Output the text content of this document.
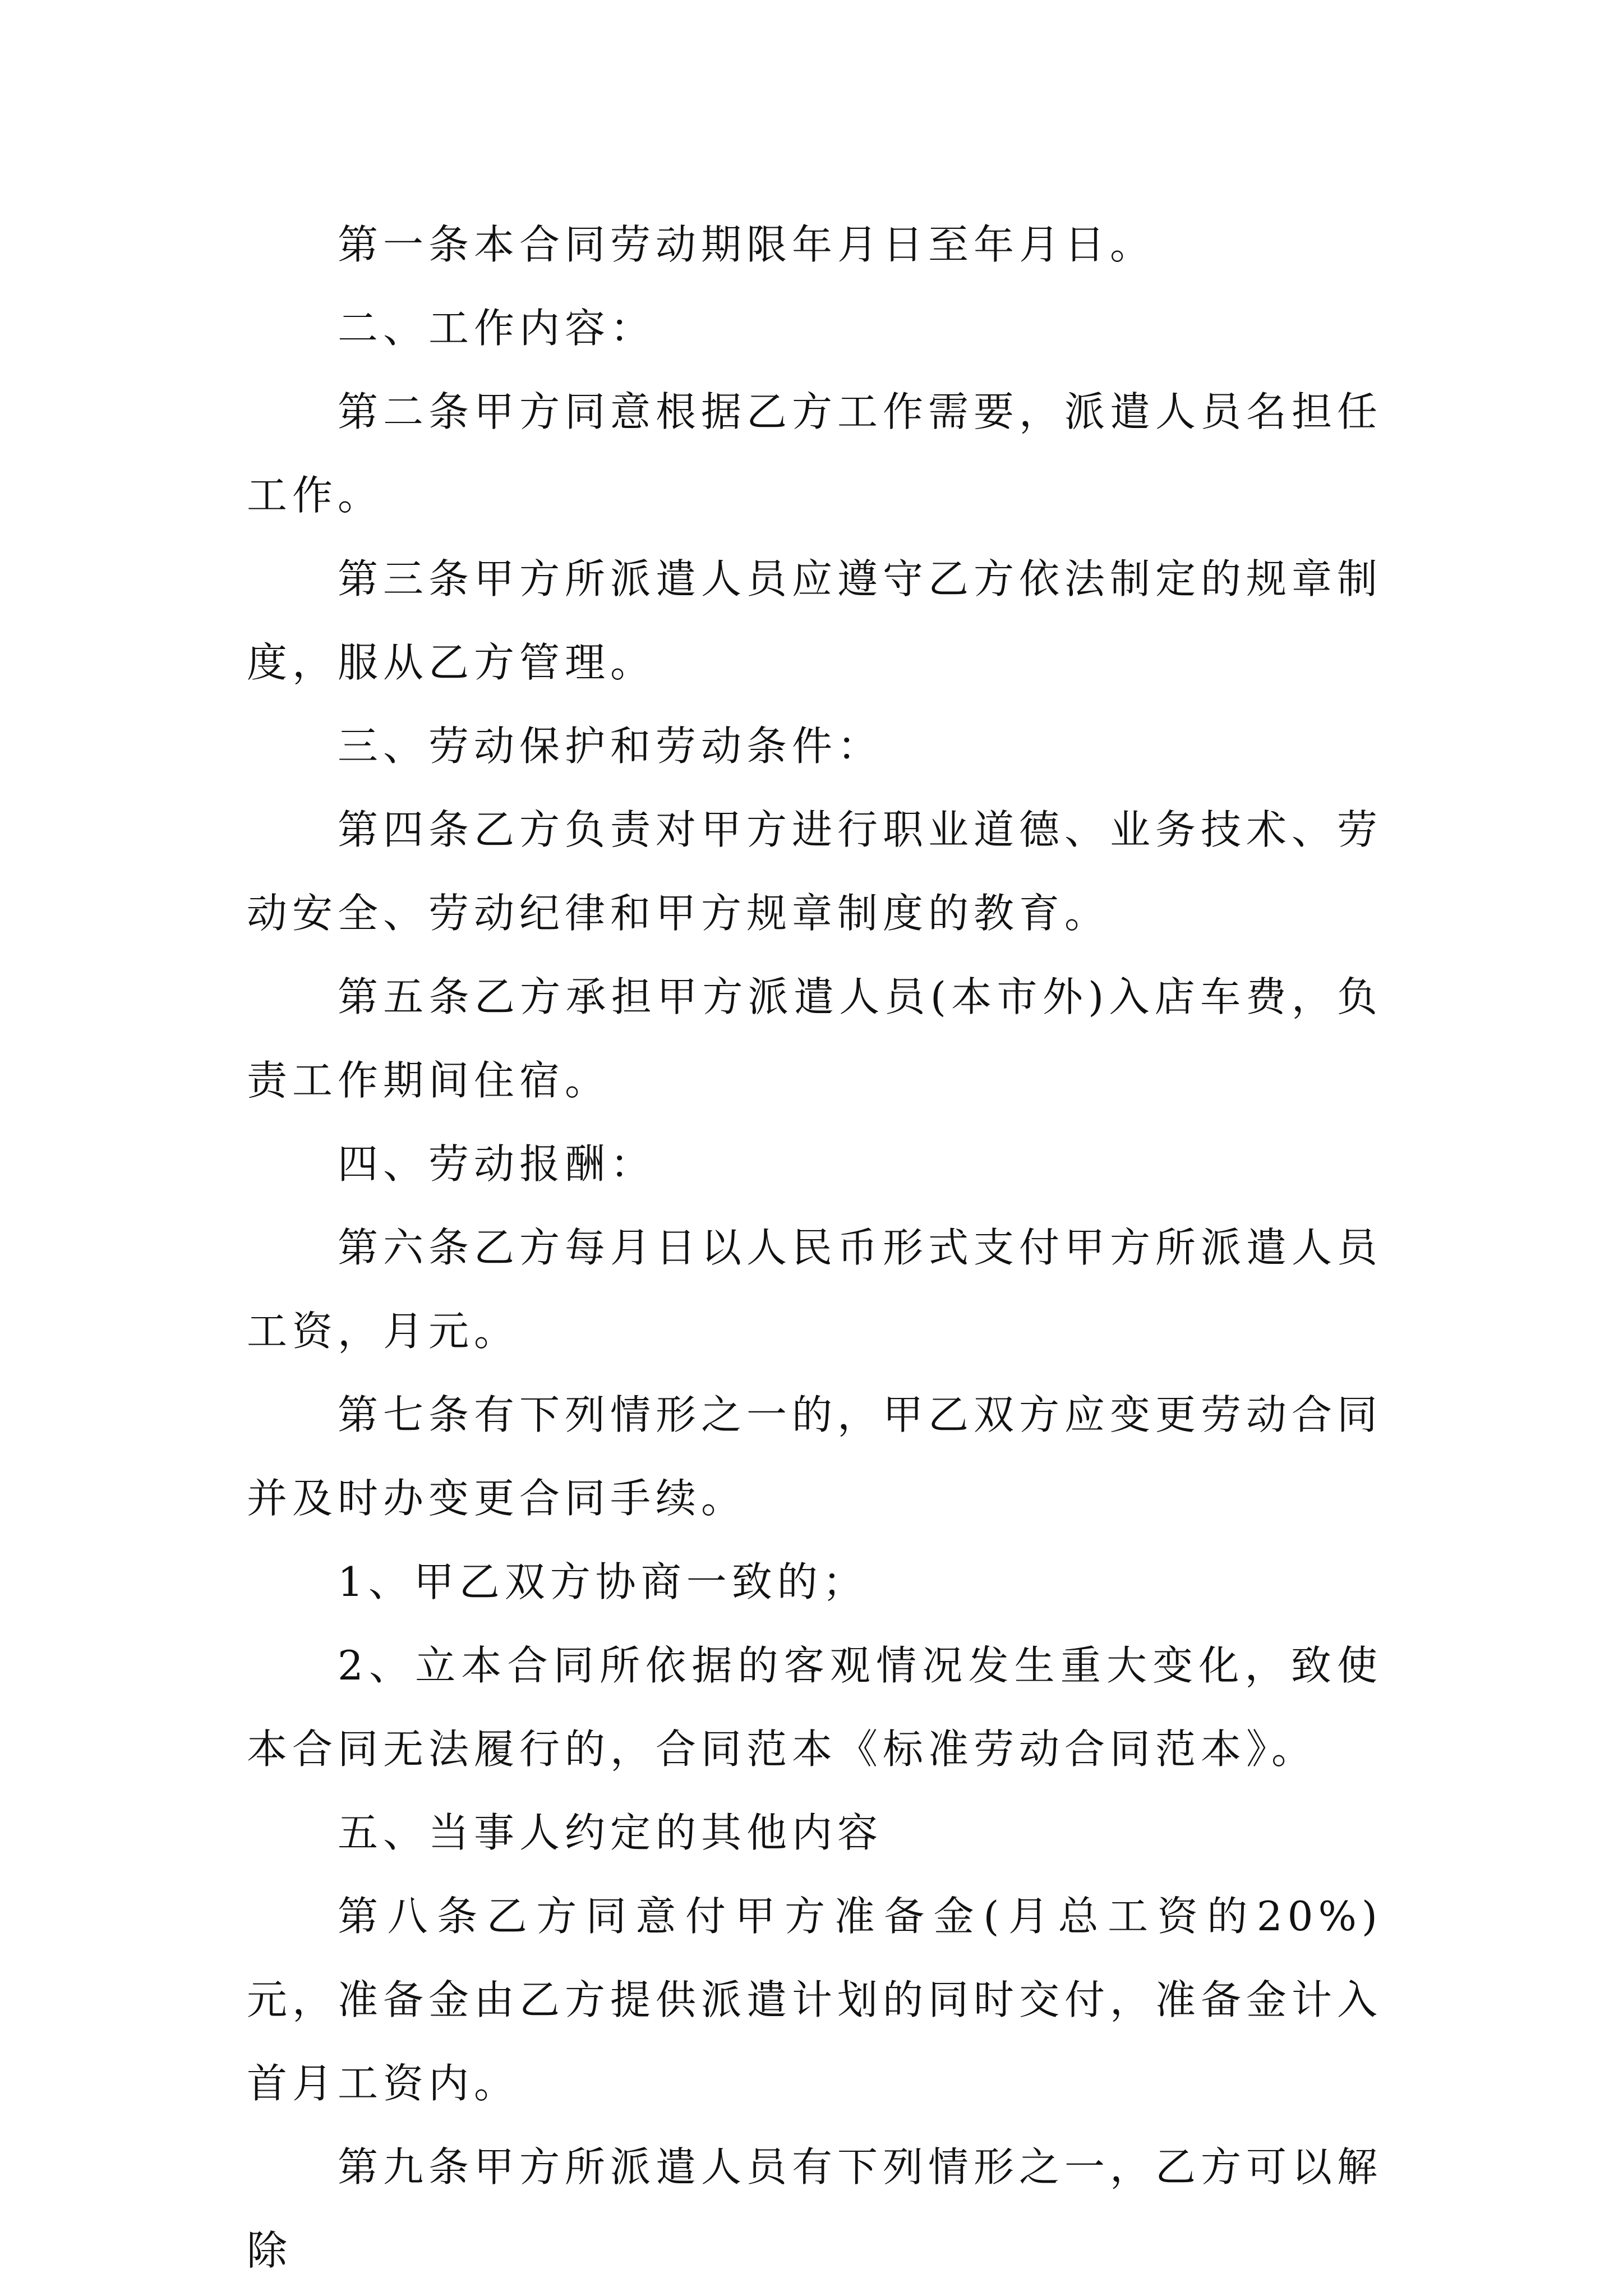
第一条本合同劳动期限年月日至年月日。

二、工作内容：

第二条甲方同意根据乙方工作需要，派遣人员名担任工作。

第三条甲方所派遣人员应遵守乙方依法制定的规章制度，服从乙方管理。

三、劳动保护和劳动条件：

第四条乙方负责对甲方进行职业道德、业务技术、劳动安全、劳动纪律和甲方规章制度的教育。

第五条乙方承担甲方派遣人员(本市外)入店车费，负责工作期间住宿。

四、劳动报酬：

第六条乙方每月日以人民币形式支付甲方所派遣人员工资，月元。

第七条有下列情形之一的，甲乙双方应变更劳动合同并及时办变更合同手续。

1、甲乙双方协商一致的；

2、立本合同所依据的客观情况发生重大变化，致使本合同无法履行的，合同范本《标准劳动合同范本》。

五、当事人约定的其他内容

第八条乙方同意付甲方准备金(月总工资的20%)元，准备金由乙方提供派遣计划的同时交付，准备金计入首月工资内。

第九条甲方所派遣人员有下列情形之一，乙方可以解除
